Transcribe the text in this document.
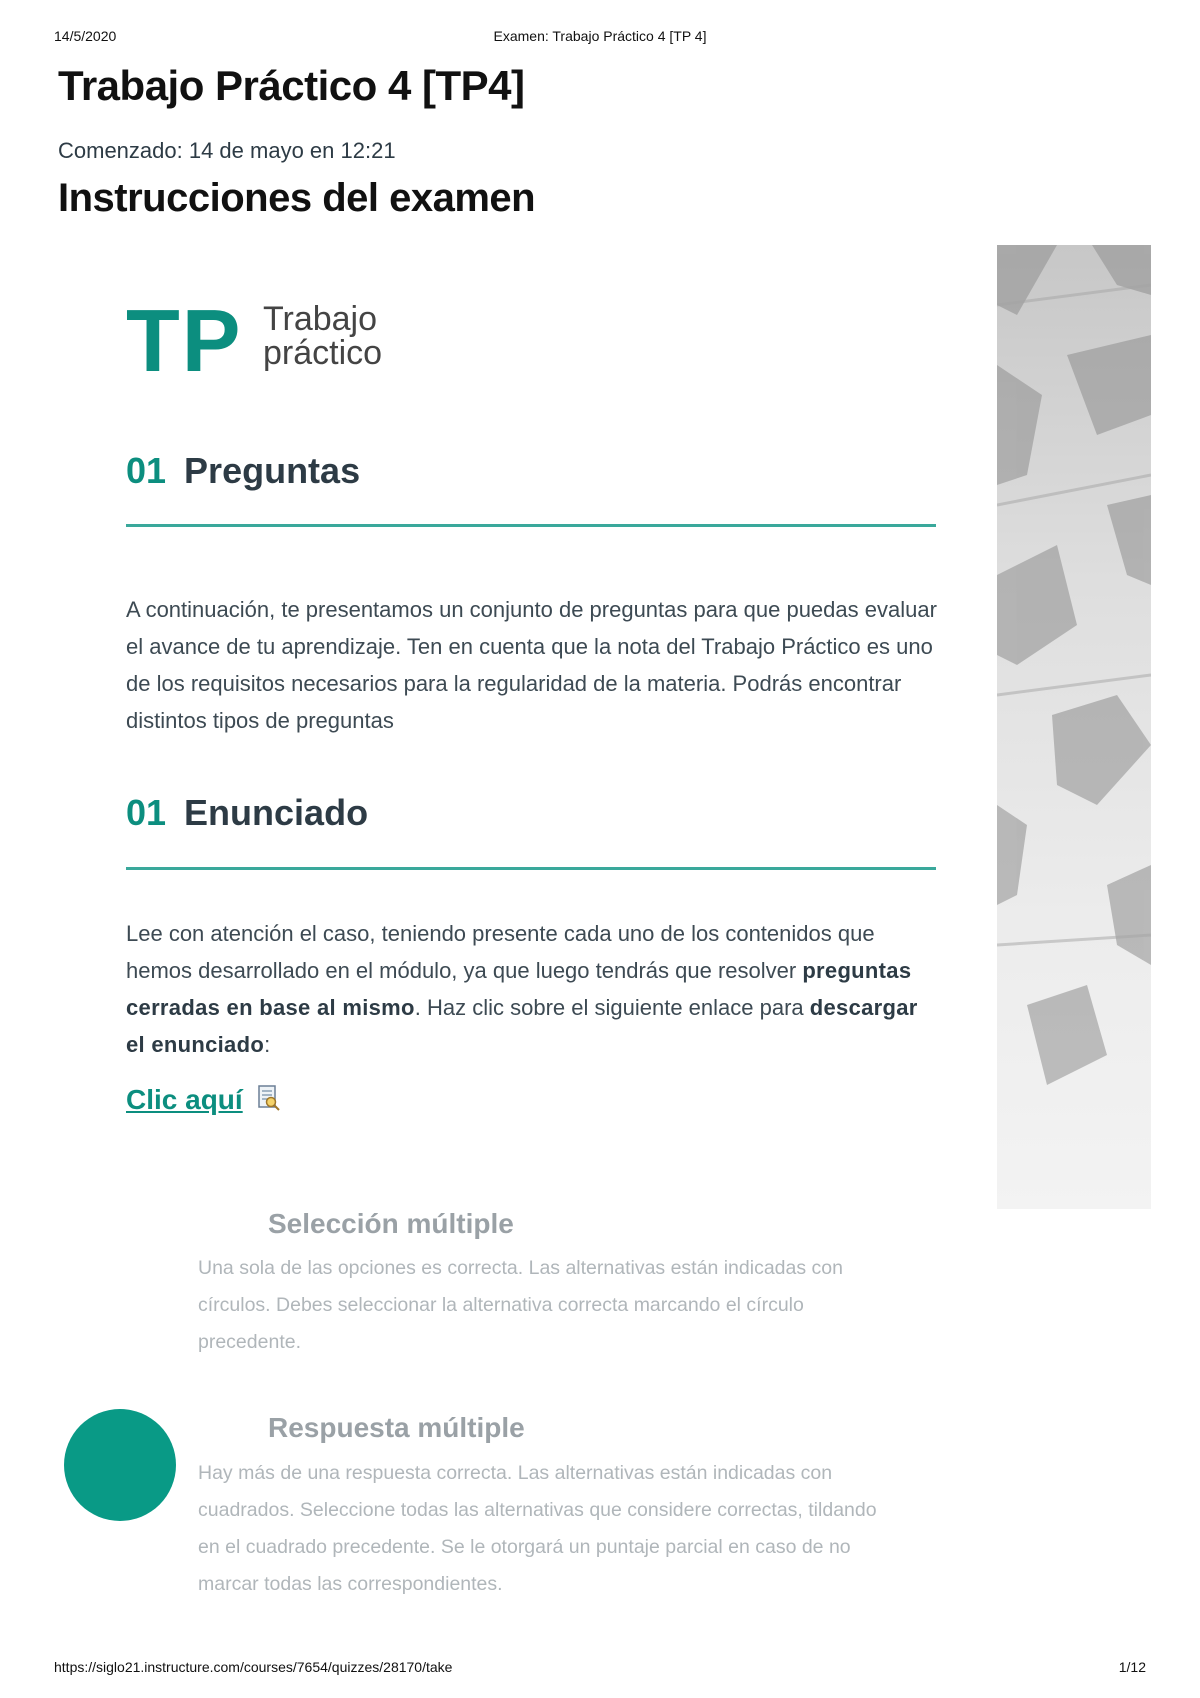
14/5/2020	Examen: Trabajo Práctico 4 [TP 4]
Trabajo Práctico 4 [TP4]
Comenzado: 14 de mayo en 12:21
Instrucciones del examen
TP Trabajo
práctico
01 Preguntas

A continuación, te presentamos un conjunto de preguntas para que puedas evaluar el avance de tu aprendizaje. Ten en cuenta que la nota del Trabajo Práctico es uno de los requisitos necesarios para la regularidad de la materia. Podrás encontrar distintos tipos de preguntas

01 Enunciado

Lee con atención el caso, teniendo presente cada uno de los contenidos que hemos desarrollado en el módulo, ya que luego tendrás que resolver preguntas cerradas en base al mismo. Haz clic sobre el siguiente enlace para descargar el enunciado:

Clic aquí
Selección múltiple

Una sola de las opciones es correcta. Las alternativas están indicadas con círculos. Debes seleccionar la alternativa correcta marcando el círculo precedente.

Respuesta múltiple

Hay más de una respuesta correcta. Las alternativas están indicadas con cuadrados. Seleccione todas las alternativas que considere correctas, tildando en el cuadrado precedente. Se le otorgará un puntaje parcial en caso de no marcar todas las correspondientes.

https://siglo21.instructure.com/courses/7654/quizzes/28170/take	1/12
